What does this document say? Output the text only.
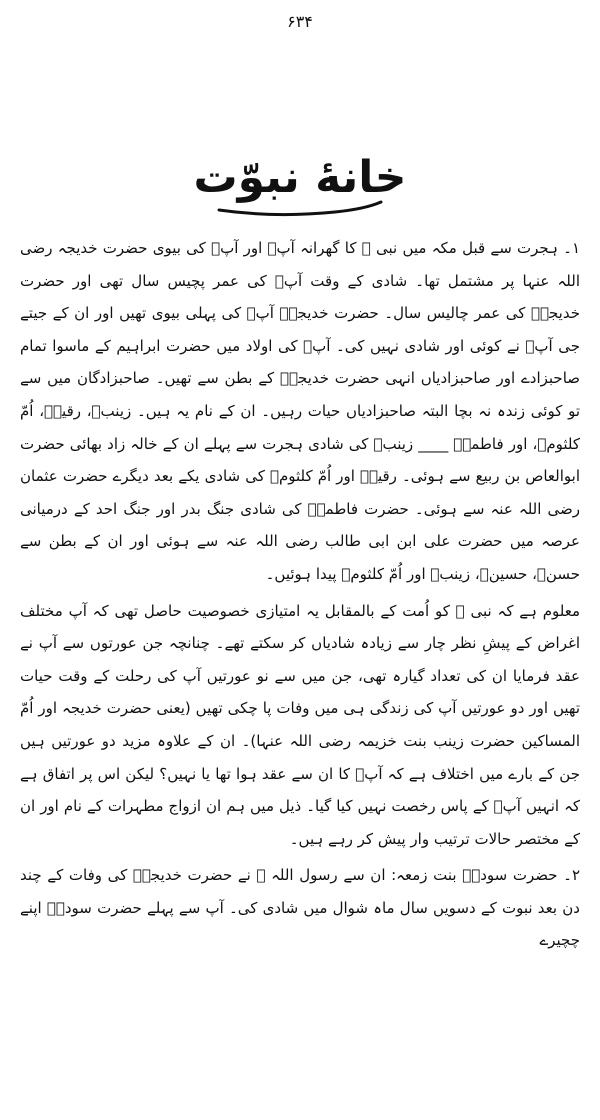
۶۳۴
خانهٔ نبوّت

۱۔ ہجرت سے قبل مکہ میں نبی ﷺ کا گھرانہ آپؐ اور آپؐ کی بیوی حضرت خدیجہ رضی اللہ عنہا پر مشتمل تھا۔ شادی کے وقت آپؐ کی عمر پچیس سال تھی اور حضرت خدیجہؓ کی عمر چالیس سال۔ حضرت خدیجہؓ آپؐ کی پہلی بیوی تھیں اور ان کے جیتے جی آپؐ نے کوئی اور شادی نہیں کی۔ آپؐ کی اولاد میں حضرت ابراہیم کے ماسوا تمام صاحبزادے اور صاحبزادیاں انہی حضرت خدیجہؓ کے بطن سے تھیں۔ صاحبزادگان میں سے تو کوئی زندہ نہ بچا البتہ صاحبزادیاں حیات رہیں۔ ان کے نام یہ ہیں۔ زینبؓ، رقیہؓ، اُمّ کلثومؓ، اور فاطمہؓ ____ زینبؓ کی شادی ہجرت سے پہلے ان کے خالہ زاد بھائی حضرت ابوالعاص بن ربیع سے ہوئی۔ رقیہؓ اور اُمّ کلثومؓ کی شادی یکے بعد دیگرے حضرت عثمان رضی اللہ عنہ سے ہوئی۔ حضرت فاطمہؓ کی شادی جنگ بدر اور جنگ احد کے درمیانی عرصہ میں حضرت علی ابن ابی طالب رضی اللہ عنہ سے ہوئی اور ان کے بطن سے حسنؓ، حسینؓ، زینبؓ اور اُمّ کلثومؓ پیدا ہوئیں۔

معلوم ہے کہ نبی ﷺ کو اُمت کے بالمقابل یہ امتیازی خصوصیت حاصل تھی کہ آپ مختلف اغراض کے پیشِ نظر چار سے زیادہ شادیاں کر سکتے تھے۔ چنانچہ جن عورتوں سے آپ نے عقد فرمایا ان کی تعداد گیارہ تھی، جن میں سے نو عورتیں آپ کی رحلت کے وقت حیات تھیں اور دو عورتیں آپ کی زندگی ہی میں وفات پا چکی تھیں (یعنی حضرت خدیجہ اور اُمّ المساکین حضرت زینب بنت خزیمہ رضی اللہ عنہا)۔ ان کے علاوہ مزید دو عورتیں ہیں جن کے بارے میں اختلاف ہے کہ آپؐ کا ان سے عقد ہوا تھا یا نہیں؟ لیکن اس پر اتفاق ہے کہ انہیں آپؐ کے پاس رخصت نہیں کیا گیا۔ ذیل میں ہم ان ازواج مطہرات کے نام اور ان کے مختصر حالات ترتیب وار پیش کر رہے ہیں۔

۲۔ حضرت سودہؓ بنت زمعہ: ان سے رسول اللہ ﷺ نے حضرت خدیجہؓ کی وفات کے چند دن بعد نبوت کے دسویں سال ماہ شوال میں شادی کی۔ آپ سے پہلے حضرت سودہؓ اپنے چچیرے
